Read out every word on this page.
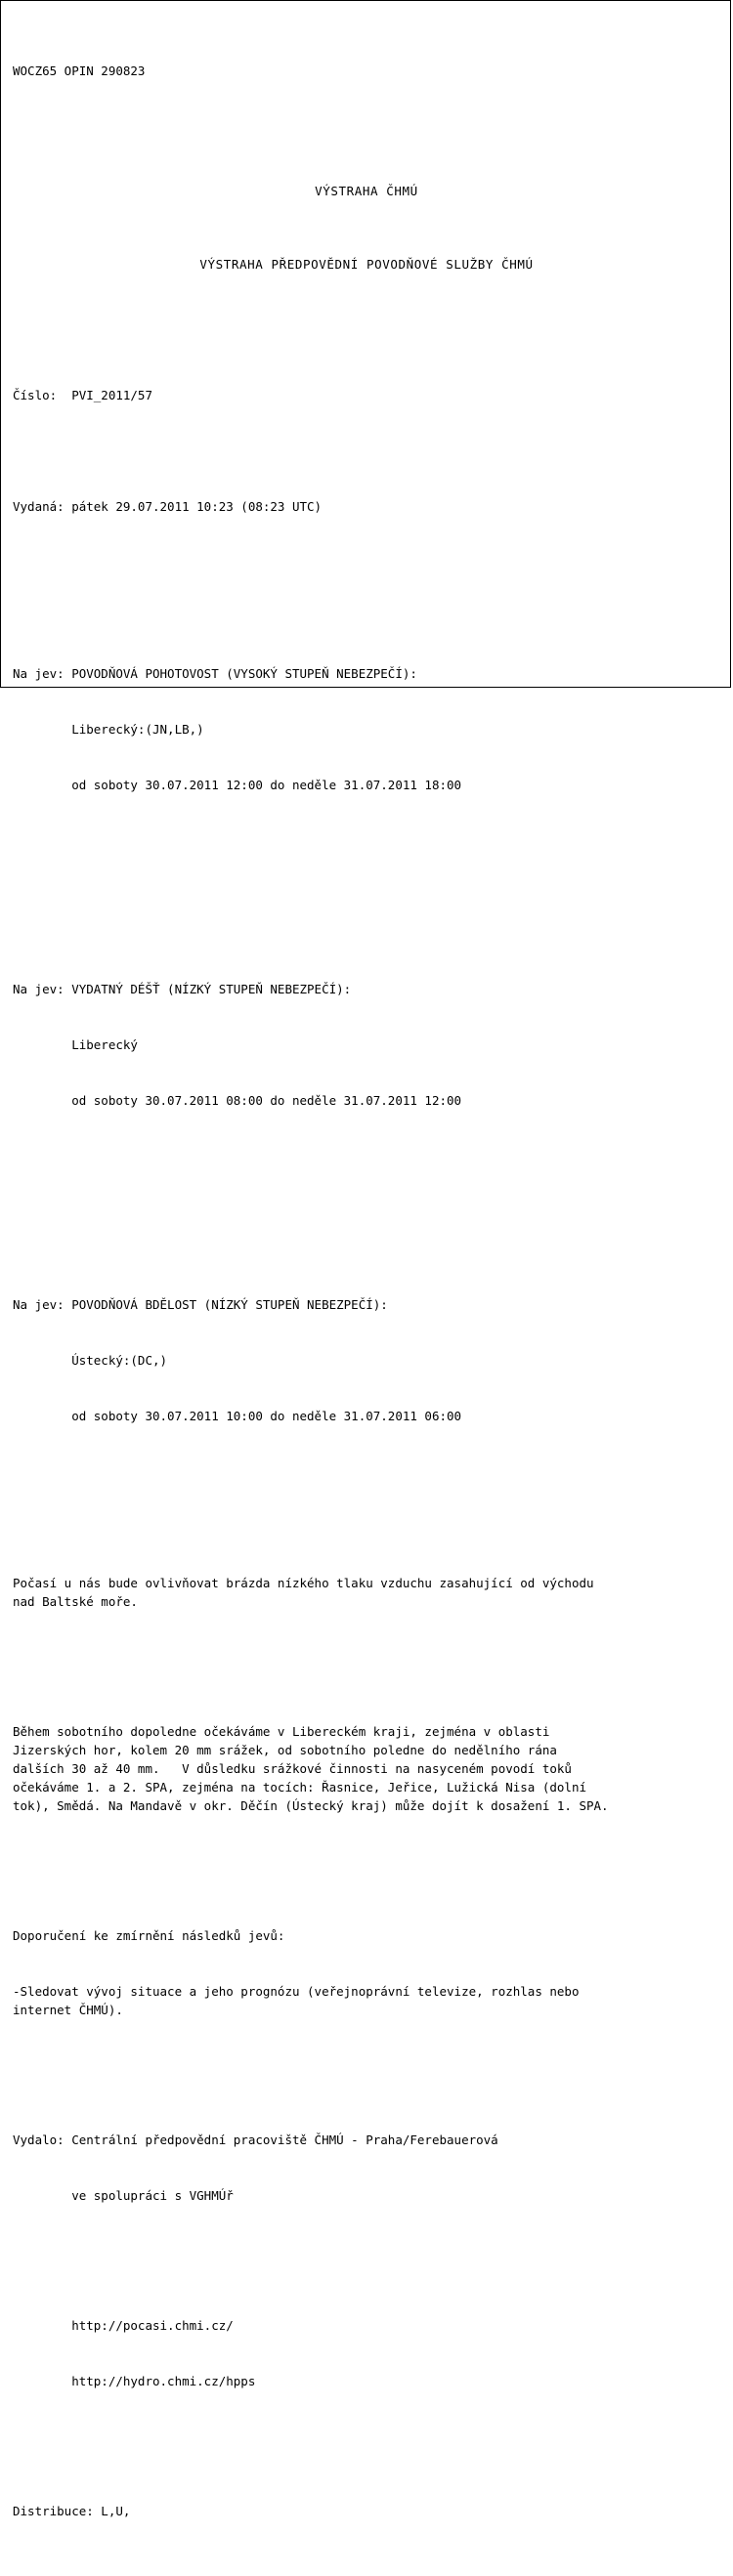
WOCZ65 OPIN 290823

VÝSTRAHA ČHMÚ

VÝSTRAHA PŘEDPOVĚDNÍ POVODŇOVÉ SLUŽBY ČHMÚ

Číslo:  PVI_2011/57

Vydaná: pátek 29.07.2011 10:23 (08:23 UTC)

Na jev: POVODŇOVÁ POHOTOVOST (VYSOKÝ STUPEŇ NEBEZPEČÍ):

Liberecký:(JN,LB,)

od soboty 30.07.2011 12:00 do neděle 31.07.2011 18:00

Na jev: VYDATNÝ DÉŠŤ (NÍZKÝ STUPEŇ NEBEZPEČÍ):

Liberecký

od soboty 30.07.2011 08:00 do neděle 31.07.2011 12:00

Na jev: POVODŇOVÁ BDĚLOST (NÍZKÝ STUPEŇ NEBEZPEČÍ):

Ústecký:(DC,)

od soboty 30.07.2011 10:00 do neděle 31.07.2011 06:00

Počasí u nás bude ovlivňovat brázda nízkého tlaku vzduchu zasahující od východu
nad Baltské moře.

Během sobotního dopoledne očekáváme v Libereckém kraji, zejména v oblasti
Jizerských hor, kolem 20 mm srážek, od sobotního poledne do nedělního rána
dalších 30 až 40 mm.   V důsledku srážkové činnosti na nasyceném povodí toků
očekáváme 1. a 2. SPA, zejména na tocích: Řasnice, Jeřice, Lužická Nisa (dolní
tok), Smědá. Na Mandavě v okr. Děčín (Ústecký kraj) může dojít k dosažení 1. SPA.

Doporučení ke zmírnění následků jevů:

-Sledovat vývoj situace a jeho prognózu (veřejnoprávní televize, rozhlas nebo
internet ČHMÚ).

Vydalo: Centrální předpovědní pracoviště ČHMÚ - Praha/Ferebauerová

ve spolupráci s VGHMÚř

http://pocasi.chmi.cz/

http://hydro.chmi.cz/hpps

Distribuce: L,U,
